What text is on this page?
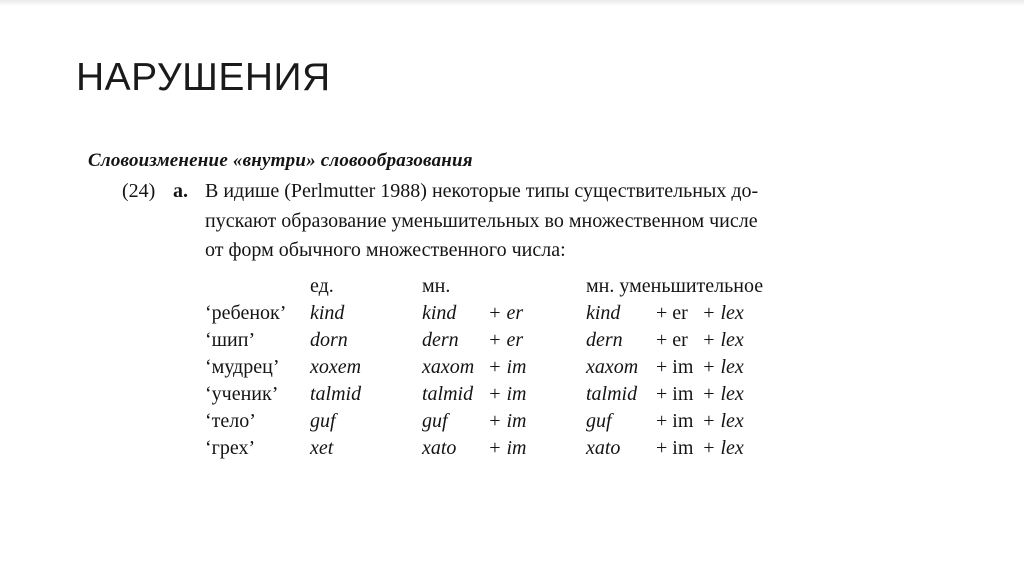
НАРУШЕНИЯ
Словоизменение «внутри» словообразования
(24) а. В идише (Perlmutter 1988) некоторые типы существительных до-
пускают образование уменьшительных во множественном числе
от форм обычного множественного числа:
	ед.	мн.		мн. уменьшительное		
‘ребенок’	kind	kind	+ er	kind	+ er	+ lex
‘шип’	dorn	dern	+ er	dern	+ er	+ lex
‘мудрец’	xoxem	xaxom	+ im	xaxom	+ im	+ lex
‘ученик’	talmid	talmid	+ im	talmid	+ im	+ lex
‘тело’	guf	guf	+ im	guf	+ im	+ lex
‘грех’	xet	xato	+ im	xato	+ im	+ lex
